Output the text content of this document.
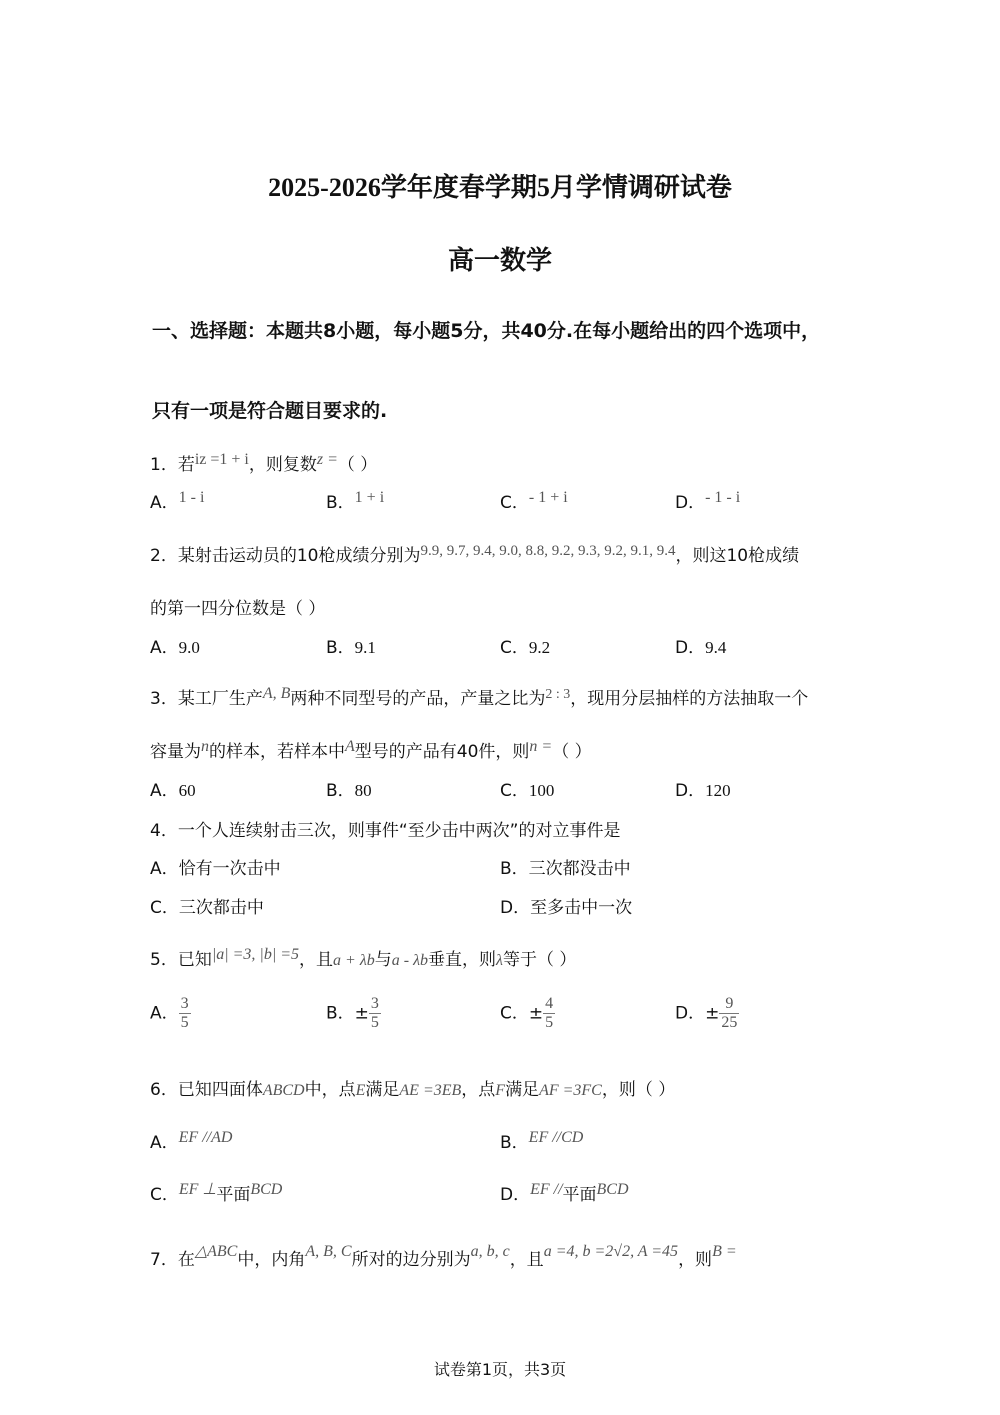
2025-2026学年度春学期5月学情调研试卷
高一数学
一、选择题：本题共8小题，每小题5分，共40分.在每小题给出的四个选项中，
只有一项是符合题目要求的.
1．若iz =1 + i，则复数z =（ ）
A．1 - i	B．1 + i	C．- 1 + i	D．- 1 - i
2．某射击运动员的10枪成绩分别为9.9, 9.7, 9.4, 9.0, 8.8, 9.2, 9.3, 9.2, 9.1, 9.4，则这10枪成绩
的第一四分位数是（ ）
A．9.0	B．9.1	C．9.2	D．9.4
3．某工厂生产A, B两种不同型号的产品，产量之比为$^{2 : 3}$，现用分层抽样的方法抽取一个
容量为n的样本，若样本中A型号的产品有40件，则n =（ ）
A．60	B．80	C．100	D．120
4．一个人连续射击三次，则事件“至少击中两次”的对立事件是
A．恰有一次击中	B．三次都没击中
C．三次都击中	D．至多击中一次
5．已知|a| =3, |b| =5，且a + λb与a - λb垂直，则λ等于（ ）
A． $\frac{3}{5}$	B．± $\frac{3}{5}$	C．± $\frac{4}{5}$	D．± $\frac{9}{25}$
6．已知四面体ABCD中，点E满足AE =3EB，点F满足AF =3FC，则（ ）
A．EF //AD	B．EF //CD
C．EF ⊥平面BCD	D．EF //平面BCD
7．在△ABC中，内角A, B, C所对的边分别为a, b, c，且a =4, b =2√2, A =45，则B =
试卷第1页，共3页
